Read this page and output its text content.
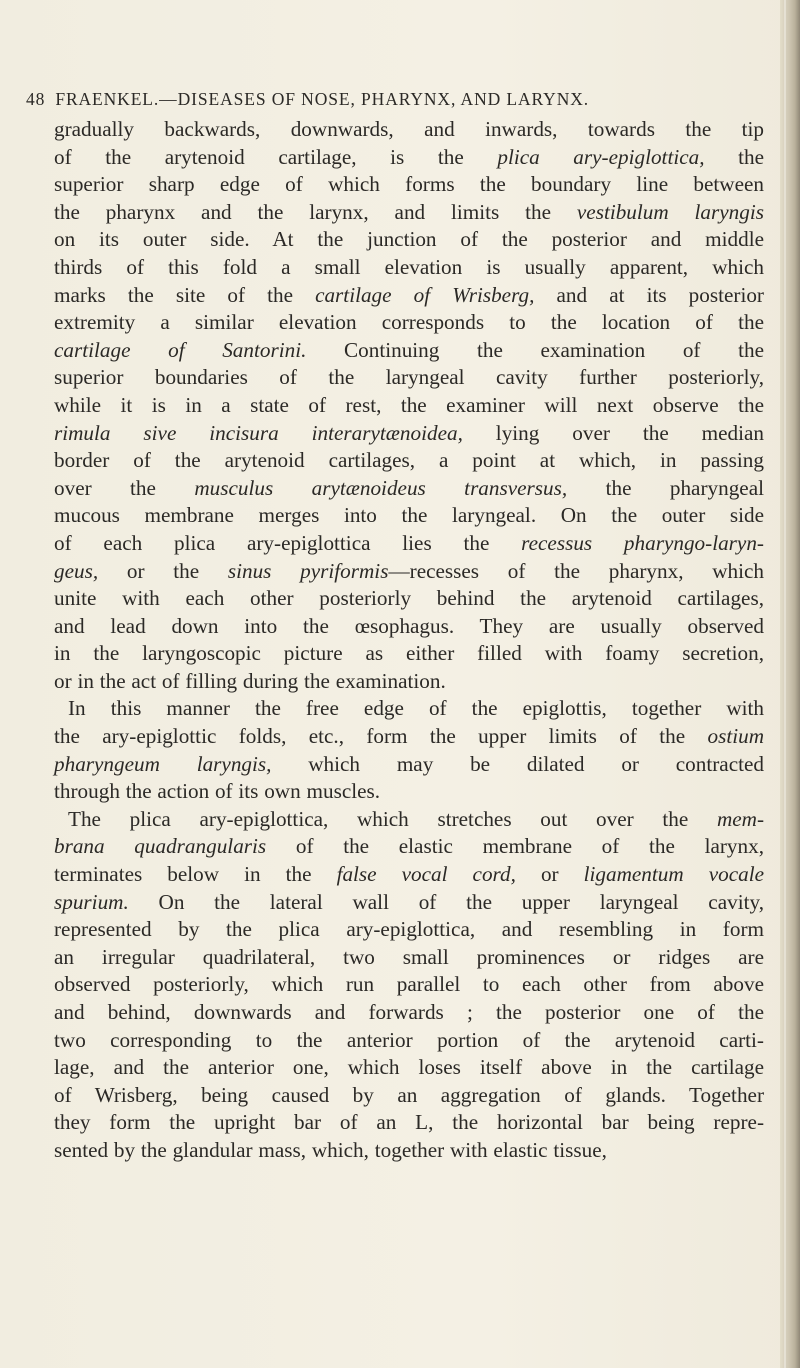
48 FRAENKEL.—DISEASES OF NOSE, PHARYNX, AND LARYNX.
gradually backwards, downwards, and inwards, towards the tip
of the arytenoid cartilage, is the plica ary-epiglottica, the
superior sharp edge of which forms the boundary line between
the pharynx and the larynx, and limits the vestibulum laryngis
on its outer side. At the junction of the posterior and middle
thirds of this fold a small elevation is usually apparent, which
marks the site of the cartilage of Wrisberg, and at its posterior
extremity a similar elevation corresponds to the location of the
cartilage of Santorini. Continuing the examination of the
superior boundaries of the laryngeal cavity further posteriorly,
while it is in a state of rest, the examiner will next observe the
rimula sive incisura interarytænoidea, lying over the median
border of the arytenoid cartilages, a point at which, in passing
over the musculus arytænoideus transversus, the pharyngeal
mucous membrane merges into the laryngeal. On the outer side
of each plica ary-epiglottica lies the recessus pharyngo-laryn-
geus, or the sinus pyriformis—recesses of the pharynx, which
unite with each other posteriorly behind the arytenoid cartilages,
and lead down into the œsophagus. They are usually observed
in the laryngoscopic picture as either filled with foamy secretion,
or in the act of filling during the examination.
In this manner the free edge of the epiglottis, together with
the ary-epiglottic folds, etc., form the upper limits of the ostium
pharyngeum laryngis, which may be dilated or contracted
through the action of its own muscles.
The plica ary-epiglottica, which stretches out over the mem-
brana quadrangularis of the elastic membrane of the larynx,
terminates below in the false vocal cord, or ligamentum vocale
spurium. On the lateral wall of the upper laryngeal cavity,
represented by the plica ary-epiglottica, and resembling in form
an irregular quadrilateral, two small prominences or ridges are
observed posteriorly, which run parallel to each other from above
and behind, downwards and forwards ; the posterior one of the
two corresponding to the anterior portion of the arytenoid carti-
lage, and the anterior one, which loses itself above in the cartilage
of Wrisberg, being caused by an aggregation of glands. Together
they form the upright bar of an L, the horizontal bar being repre-
sented by the glandular mass, which, together with elastic tissue,
